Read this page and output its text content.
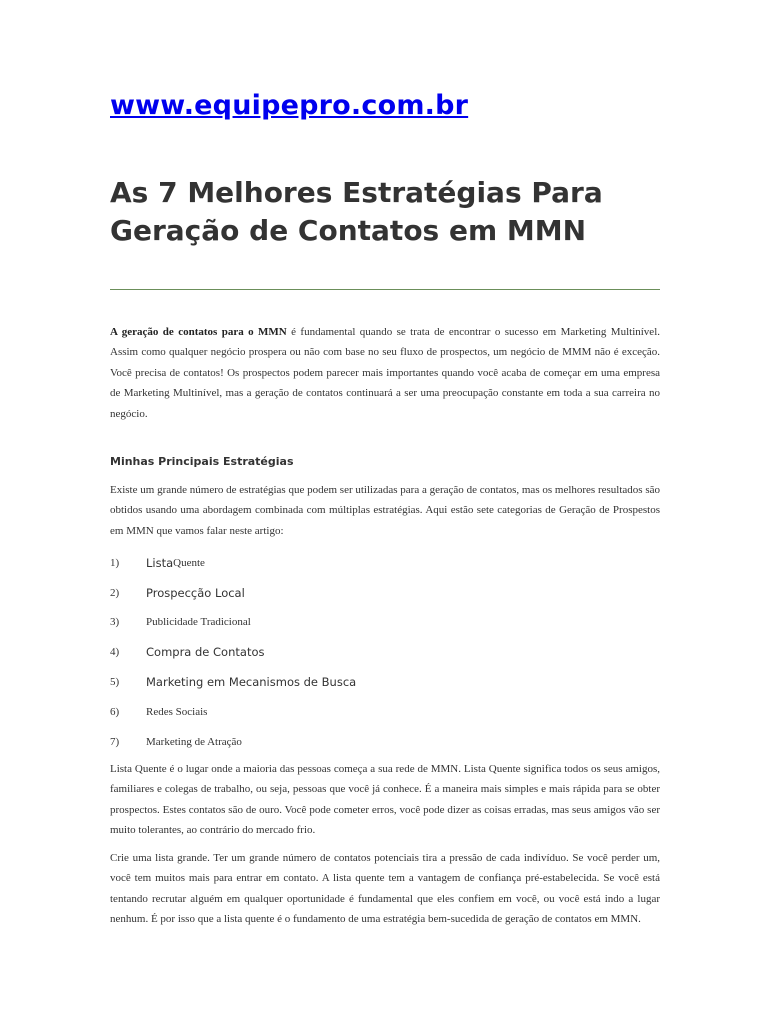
www.equipepro.com.br
As 7 Melhores Estratégias Para Geração de Contatos em MMN

A geração de contatos para o MMN é fundamental quando se trata de encontrar o sucesso em Marketing Multinível. Assim como qualquer negócio prospera ou não com base no seu fluxo de prospectos, um negócio de MMM não é exceção. Você precisa de contatos! Os prospectos podem parecer mais importantes quando você acaba de começar em uma empresa de Marketing Multinível, mas a geração de contatos continuará a ser uma preocupação constante em toda a sua carreira no negócio.

Minhas Principais Estratégias

Existe um grande número de estratégias que podem ser utilizadas para a geração de contatos, mas os melhores resultados são obtidos usando uma abordagem combinada com múltiplas estratégias. Aqui estão sete categorias de Geração de Prospestos em MMN que vamos falar neste artigo:

1)	Lista Quente
2)	Prospecção Local
3)	Publicidade Tradicional
4)	Compra de Contatos
5)	Marketing em Mecanismos de Busca
6)	Redes Sociais
7)	Marketing de Atração

Lista Quente é o lugar onde a maioria das pessoas começa a sua rede de MMN. Lista Quente significa todos os seus amigos, familiares e colegas de trabalho, ou seja, pessoas que você já conhece. É a maneira mais simples e mais rápida para se obter prospectos. Estes contatos são de ouro. Você pode cometer erros, você pode dizer as coisas erradas, mas seus amigos vão ser muito tolerantes, ao contrário do mercado frio.

Crie uma lista grande. Ter um grande número de contatos potenciais tira a pressão de cada indivíduo. Se você perder um, você tem muitos mais para entrar em contato. A lista quente tem a vantagem de confiança pré-estabelecida. Se você está tentando recrutar alguém em qualquer oportunidade é fundamental que eles confiem em você, ou você está indo a lugar nenhum. É por isso que a lista quente é o fundamento de uma estratégia bem-sucedida de geração de contatos em MMN.
